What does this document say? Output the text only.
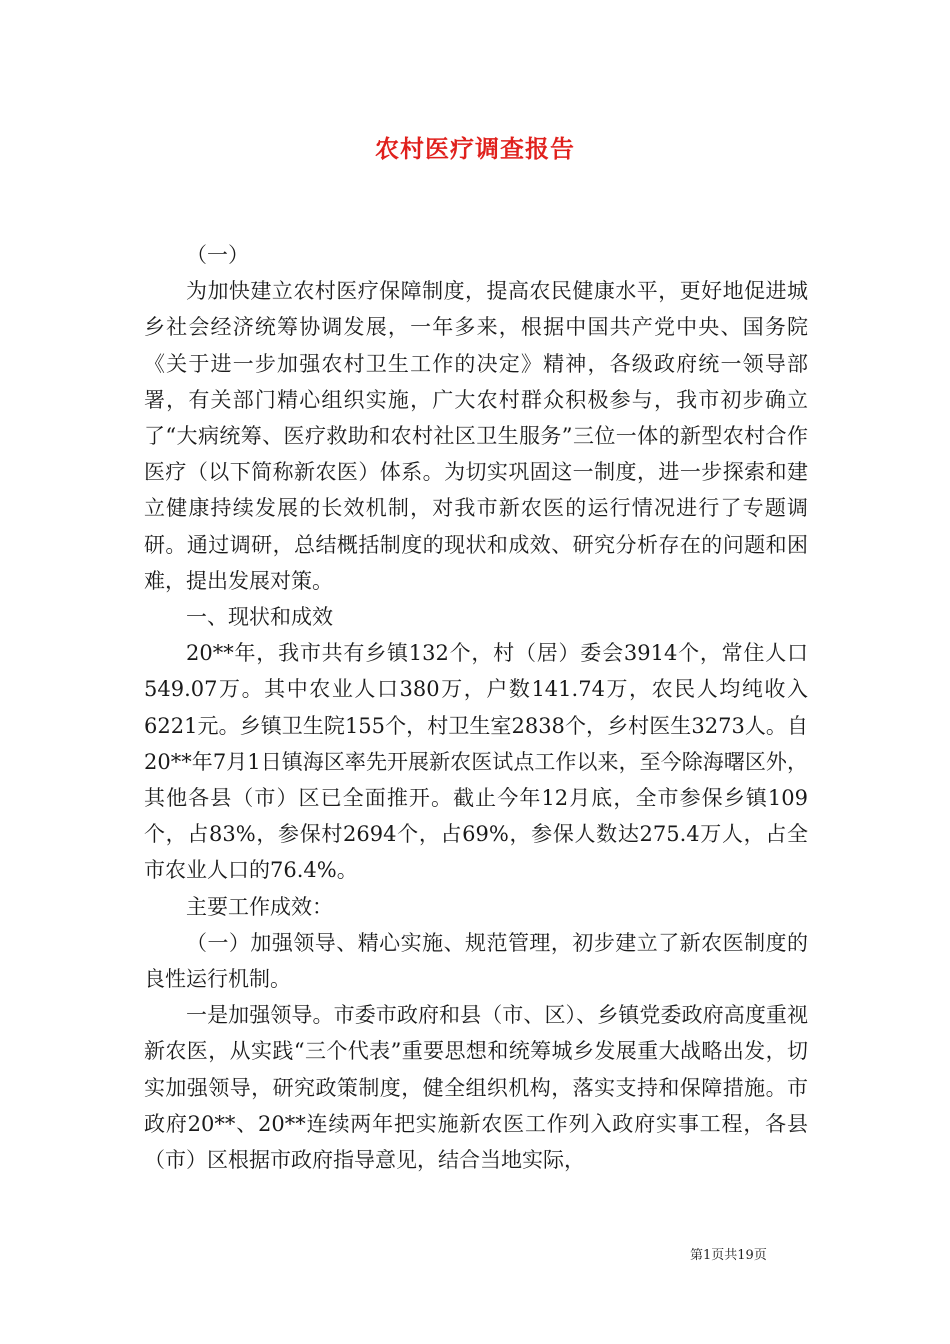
农村医疗调查报告

（一）

为加快建立农村医疗保障制度，提高农民健康水平，更好地促进城乡社会经济统筹协调发展，一年多来，根据中国共产党中央、国务院《关于进一步加强农村卫生工作的决定》精神，各级政府统一领导部署，有关部门精心组织实施，广大农村群众积极参与，我市初步确立了“大病统筹、医疗救助和农村社区卫生服务”三位一体的新型农村合作医疗（以下简称新农医）体系。为切实巩固这一制度，进一步探索和建立健康持续发展的长效机制，对我市新农医的运行情况进行了专题调研。通过调研，总结概括制度的现状和成效、研究分析存在的问题和困难，提出发展对策。

一、现状和成效

20**年，我市共有乡镇132个，村（居）委会3914个，常住人口549.07万。其中农业人口380万，户数141.74万，农民人均纯收入6221元。乡镇卫生院155个，村卫生室2838个，乡村医生3273人。自20**年7月1日镇海区率先开展新农医试点工作以来，至今除海曙区外，其他各县（市）区已全面推开。截止今年12月底，全市参保乡镇109个，占83%，参保村2694个，占69%，参保人数达275.4万人，占全市农业人口的76.4%。

主要工作成效：

（一）加强领导、精心实施、规范管理，初步建立了新农医制度的良性运行机制。

一是加强领导。市委市政府和县（市、区）、乡镇党委政府高度重视新农医，从实践“三个代表”重要思想和统筹城乡发展重大战略出发，切实加强领导，研究政策制度，健全组织机构，落实支持和保障措施。市政府20**、20**连续两年把实施新农医工作列入政府实事工程，各县（市）区根据市政府指导意见，结合当地实际，

第1页共19页
